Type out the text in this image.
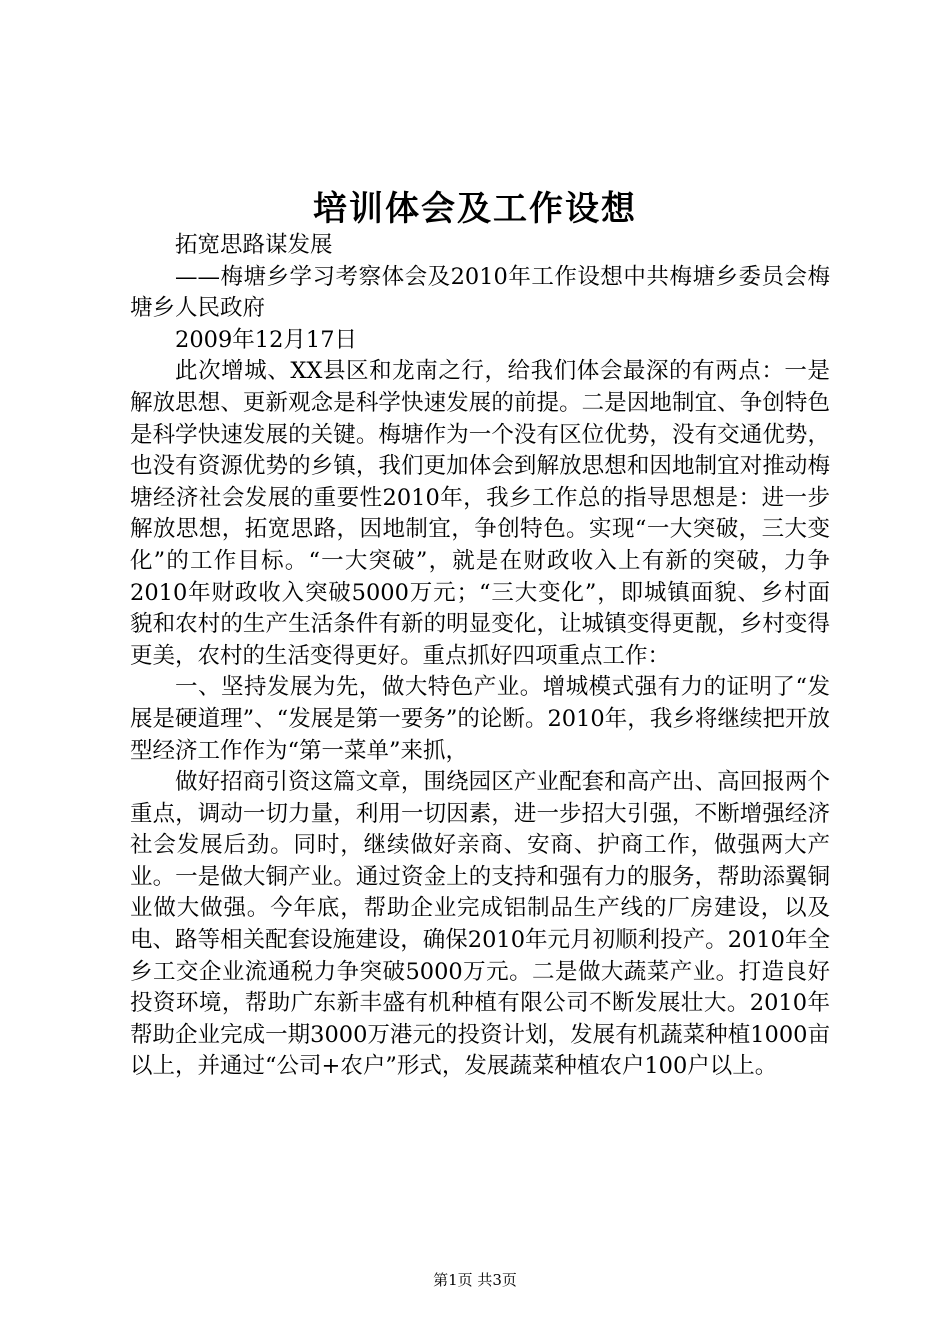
培训体会及工作设想

拓宽思路谋发展

——梅塘乡学习考察体会及2010年工作设想中共梅塘乡委员会梅塘乡人民政府

2009年12月17日

此次增城、XX县区和龙南之行，给我们体会最深的有两点：一是解放思想、更新观念是科学快速发展的前提。二是因地制宜、争创特色是科学快速发展的关键。梅塘作为一个没有区位优势，没有交通优势，也没有资源优势的乡镇，我们更加体会到解放思想和因地制宜对推动梅塘经济社会发展的重要性2010年，我乡工作总的指导思想是：进一步解放思想，拓宽思路，因地制宜，争创特色。实现“一大突破，三大变化”的工作目标。“一大突破”，就是在财政收入上有新的突破，力争2010年财政收入突破5000万元；“三大变化”，即城镇面貌、乡村面貌和农村的生产生活条件有新的明显变化，让城镇变得更靓，乡村变得更美，农村的生活变得更好。重点抓好四项重点工作：

一、坚持发展为先，做大特色产业。增城模式强有力的证明了“发展是硬道理”、“发展是第一要务”的论断。2010年，我乡将继续把开放型经济工作作为“第一菜单”来抓，

做好招商引资这篇文章，围绕园区产业配套和高产出、高回报两个重点，调动一切力量，利用一切因素，进一步招大引强，不断增强经济社会发展后劲。同时，继续做好亲商、安商、护商工作，做强两大产业。一是做大铜产业。通过资金上的支持和强有力的服务，帮助添翼铜业做大做强。今年底，帮助企业完成铝制品生产线的厂房建设，以及电、路等相关配套设施建设，确保2010年元月初顺利投产。2010年全乡工交企业流通税力争突破5000万元。二是做大蔬菜产业。打造良好投资环境，帮助广东新丰盛有机种植有限公司不断发展壮大。2010年帮助企业完成一期3000万港元的投资计划，发展有机蔬菜种植1000亩以上，并通过“公司+农户”形式，发展蔬菜种植农户100户以上。

第1页 共3页
